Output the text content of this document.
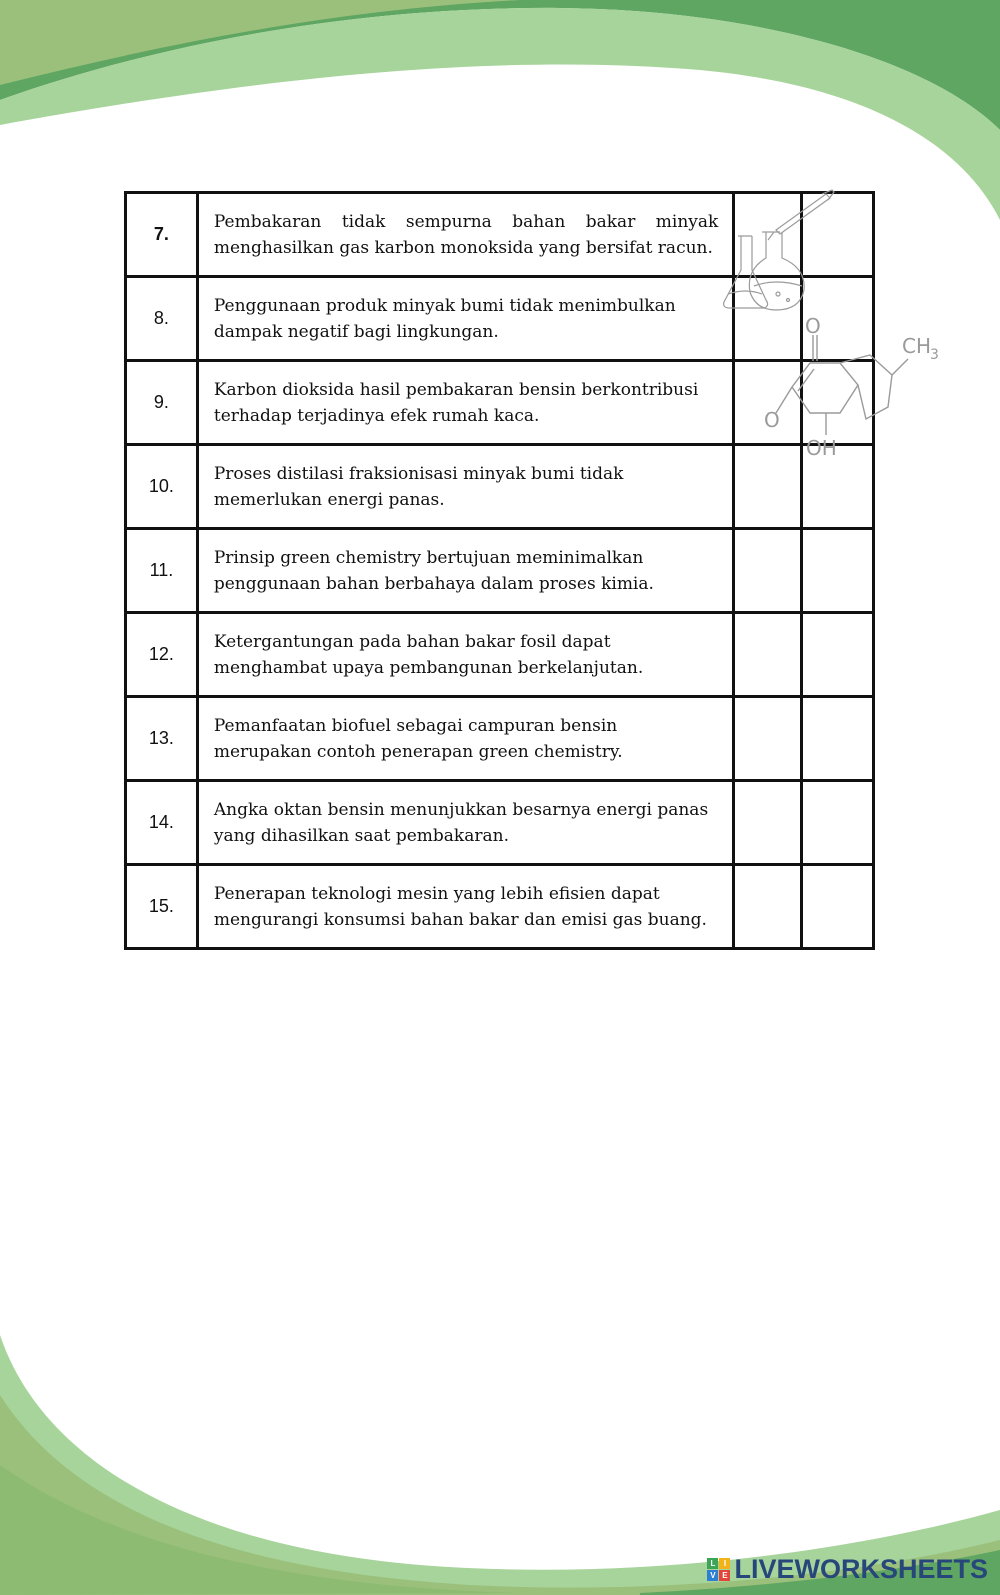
7.	Pembakaran tidak sempurna bahan bakar minyak
menghasilkan gas karbon monoksida yang bersifat racun.		

8.	Penggunaan produk minyak bumi tidak menimbulkan
dampak negatif bagi lingkungan.		

9.	Karbon dioksida hasil pembakaran bensin berkontribusi
terhadap terjadinya efek rumah kaca.		

10.	Proses distilasi fraksionisasi minyak bumi tidak
memerlukan energi panas.		

11.	Prinsip green chemistry bertujuan meminimalkan
penggunaan bahan berbahaya dalam proses kimia.		

12.	Ketergantungan pada bahan bakar fosil dapat
menghambat upaya pembangunan berkelanjutan.		

13.	Pemanfaatan biofuel sebagai campuran bensin
merupakan contoh penerapan green chemistry.		

14.	Angka oktan bensin menunjukkan besarnya energi panas
yang dihasilkan saat pembakaran.		

15.	Penerapan teknologi mesin yang lebih efisien dapat
mengurangi konsumsi bahan bakar dan emisi gas buang.		

O
O
OH
CH
3
L	I
V E LIVEWORKSHEETS
